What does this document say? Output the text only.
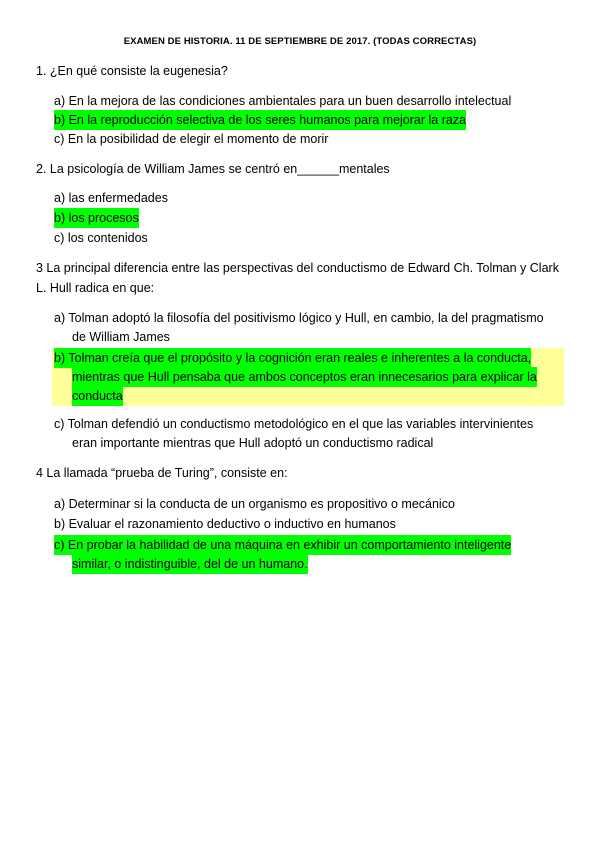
EXAMEN DE HISTORIA. 11 DE SEPTIEMBRE DE 2017. (TODAS CORRECTAS)
1. ¿En qué consiste la eugenesia?
a) En la mejora de las condiciones ambientales para un buen desarrollo intelectual
b) En la reproducción selectiva de los seres humanos para mejorar la raza
c) En la posibilidad de elegir el momento de morir
2. La psicología de William James se centró en______mentales
a) las enfermedades
b) los procesos
c) los contenidos
3 La principal diferencia entre las perspectivas del conductismo de Edward Ch. Tolman y Clark
L. Hull radica en que:
a) Tolman adoptó la filosofía del positivismo lógico y Hull, en cambio, la del pragmatismo
de William James
b) Tolman creía que el propósito y la cognición eran reales e inherentes a la conducta,
mientras que Hull pensaba que ambos conceptos eran innecesarios para explicar la
conducta
c) Tolman defendió un conductismo metodológico en el que las variables intervinientes
eran importante mientras que Hull adoptó un conductismo radical
4 La llamada “prueba de Turing”, consiste en:
a) Determinar si la conducta de un organismo es propositivo o mecánico
b) Evaluar el razonamiento deductivo o inductivo en humanos
c) En probar la habilidad de una máquina en exhibir un comportamiento inteligente
similar, o indistinguible, del de un humano.
